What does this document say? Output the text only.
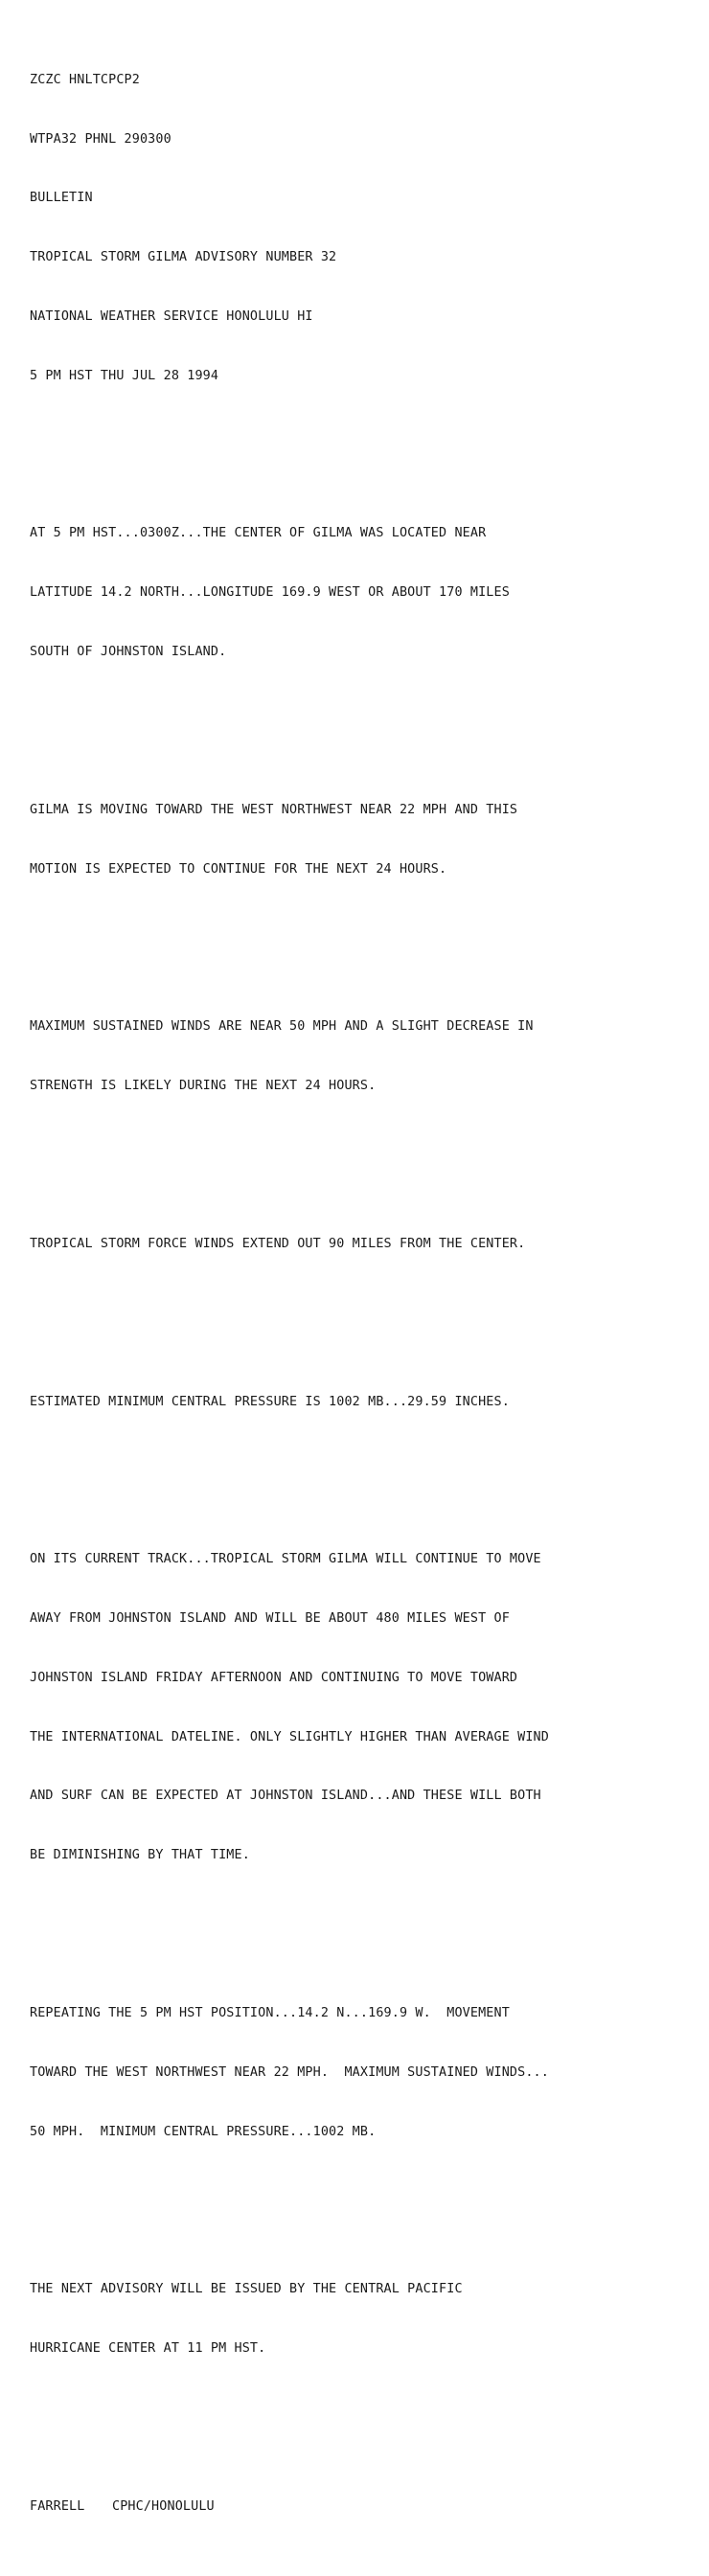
ZCZC HNLTCPCP2

WTPA32 PHNL 290300

BULLETIN

TROPICAL STORM GILMA ADVISORY NUMBER 32

NATIONAL WEATHER SERVICE HONOLULU HI

5 PM HST THU JUL 28 1994

AT 5 PM HST...0300Z...THE CENTER OF GILMA WAS LOCATED NEAR

LATITUDE 14.2 NORTH...LONGITUDE 169.9 WEST OR ABOUT 170 MILES

SOUTH OF JOHNSTON ISLAND.

GILMA IS MOVING TOWARD THE WEST NORTHWEST NEAR 22 MPH AND THIS

MOTION IS EXPECTED TO CONTINUE FOR THE NEXT 24 HOURS.

MAXIMUM SUSTAINED WINDS ARE NEAR 50 MPH AND A SLIGHT DECREASE IN

STRENGTH IS LIKELY DURING THE NEXT 24 HOURS.

TROPICAL STORM FORCE WINDS EXTEND OUT 90 MILES FROM THE CENTER.

ESTIMATED MINIMUM CENTRAL PRESSURE IS 1002 MB...29.59 INCHES.

ON ITS CURRENT TRACK...TROPICAL STORM GILMA WILL CONTINUE TO MOVE

AWAY FROM JOHNSTON ISLAND AND WILL BE ABOUT 480 MILES WEST OF

JOHNSTON ISLAND FRIDAY AFTERNOON AND CONTINUING TO MOVE TOWARD

THE INTERNATIONAL DATELINE. ONLY SLIGHTLY HIGHER THAN AVERAGE WIND

AND SURF CAN BE EXPECTED AT JOHNSTON ISLAND...AND THESE WILL BOTH

BE DIMINISHING BY THAT TIME.

REPEATING THE 5 PM HST POSITION...14.2 N...169.9 W.  MOVEMENT

TOWARD THE WEST NORTHWEST NEAR 22 MPH.  MAXIMUM SUSTAINED WINDS...

50 MPH.  MINIMUM CENTRAL PRESSURE...1002 MB.

THE NEXT ADVISORY WILL BE ISSUED BY THE CENTRAL PACIFIC

HURRICANE CENTER AT 11 PM HST.

FARRELL CPHC/HONOLULU
